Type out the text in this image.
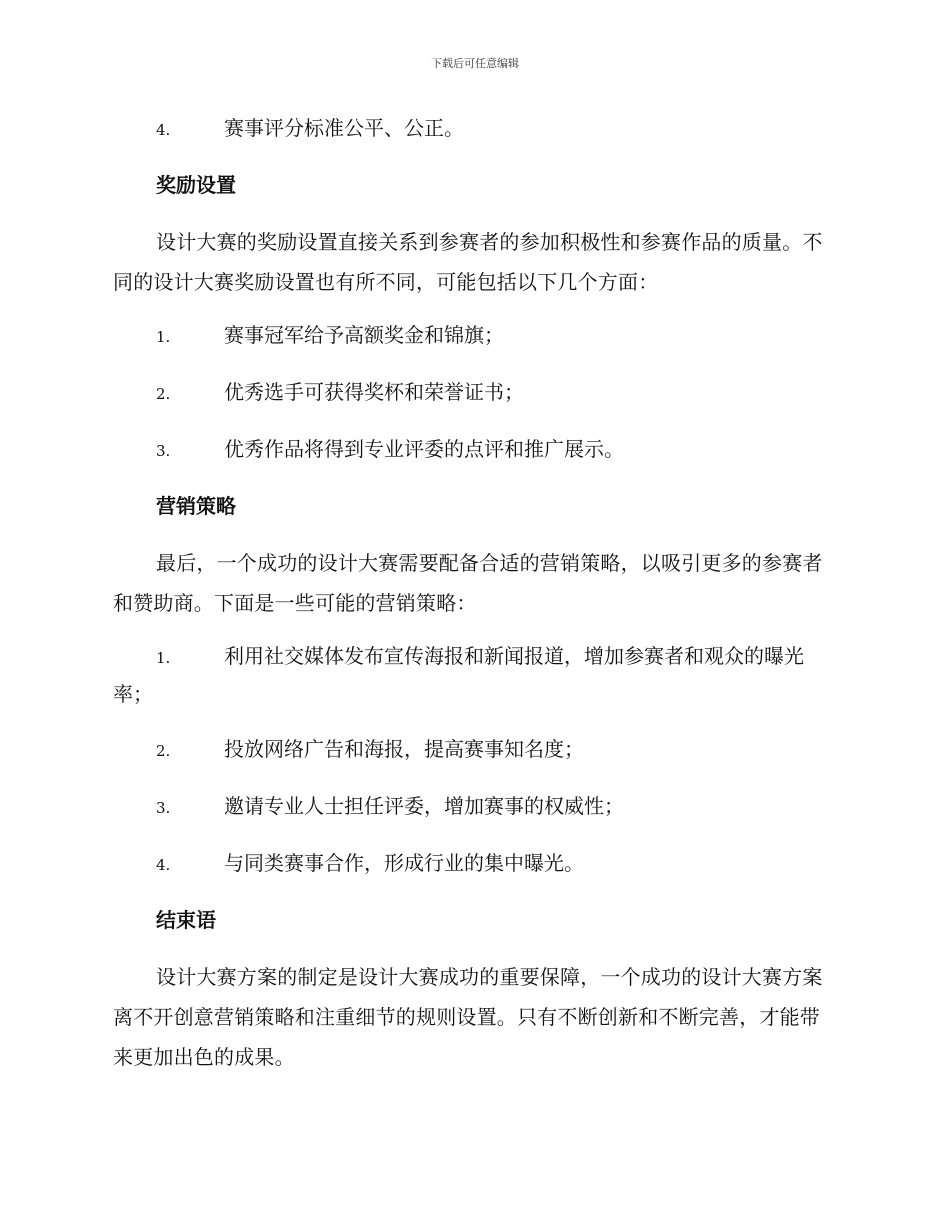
下载后可任意编辑
4.	赛事评分标准公平、公正。
奖励设置
设计大赛的奖励设置直接关系到参赛者的参加积极性和参赛作品的质量。不同的设计大赛奖励设置也有所不同，可能包括以下几个方面：
1.	赛事冠军给予高额奖金和锦旗；
2.	优秀选手可获得奖杯和荣誉证书；
3.	优秀作品将得到专业评委的点评和推广展示。
营销策略
最后，一个成功的设计大赛需要配备合适的营销策略，以吸引更多的参赛者和赞助商。下面是一些可能的营销策略：
1.	利用社交媒体发布宣传海报和新闻报道，增加参赛者和观众的曝光率；
2.	投放网络广告和海报，提高赛事知名度；
3.	邀请专业人士担任评委，增加赛事的权威性；
4.	与同类赛事合作，形成行业的集中曝光。
结束语
设计大赛方案的制定是设计大赛成功的重要保障，一个成功的设计大赛方案离不开创意营销策略和注重细节的规则设置。只有不断创新和不断完善，才能带来更加出色的成果。
